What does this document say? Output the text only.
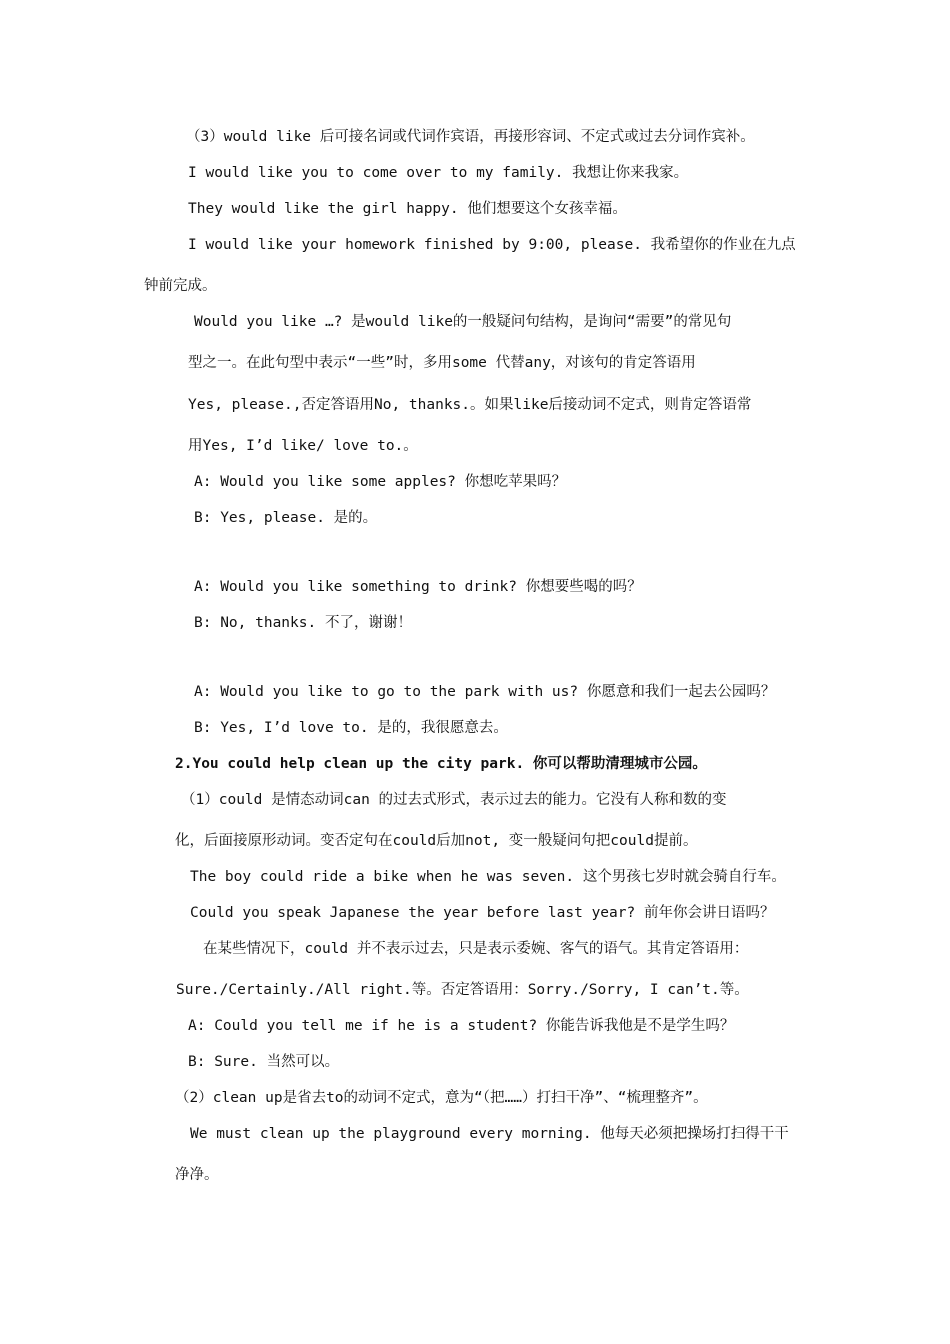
（3）would like 后可接名词或代词作宾语，再接形容词、不定式或过去分词作宾补。
I would like you to come over to my family. 我想让你来我家。
They would like the girl happy. 他们想要这个女孩幸福。
I would like your homework finished by 9:00, please. 我希望你的作业在九点
钟前完成。
Would you like …? 是would like的一般疑问句结构，是询问“需要”的常见句
型之一。在此句型中表示“一些”时，多用some 代替any，对该句的肯定答语用
Yes, please.,否定答语用No, thanks.。如果like后接动词不定式，则肯定答语常
用Yes, I’d like/ love to.。
A: Would you like some apples? 你想吃苹果吗？
B: Yes, please. 是的。
A: Would you like something to drink? 你想要些喝的吗？
B: No, thanks. 不了，谢谢！
A: Would you like to go to the park with us? 你愿意和我们一起去公园吗？
B: Yes, I’d love to. 是的，我很愿意去。
2.You could help clean up the city park. 你可以帮助清理城市公园。
（1）could 是情态动词can 的过去式形式，表示过去的能力。它没有人称和数的变
化，后面接原形动词。变否定句在could后加not, 变一般疑问句把could提前。
The boy could ride a bike when he was seven. 这个男孩七岁时就会骑自行车。
Could you speak Japanese the year before last year? 前年你会讲日语吗？
在某些情况下，could 并不表示过去，只是表示委婉、客气的语气。其肯定答语用：
Sure./Certainly./All right.等。否定答语用：Sorry./Sorry, I can’t.等。
A: Could you tell me if he is a student? 你能告诉我他是不是学生吗？
B: Sure. 当然可以。
（2）clean up是省去to的动词不定式，意为“（把……）打扫干净”、“梳理整齐”。
We must clean up the playground every morning. 他每天必须把操场打扫得干干
净净。
